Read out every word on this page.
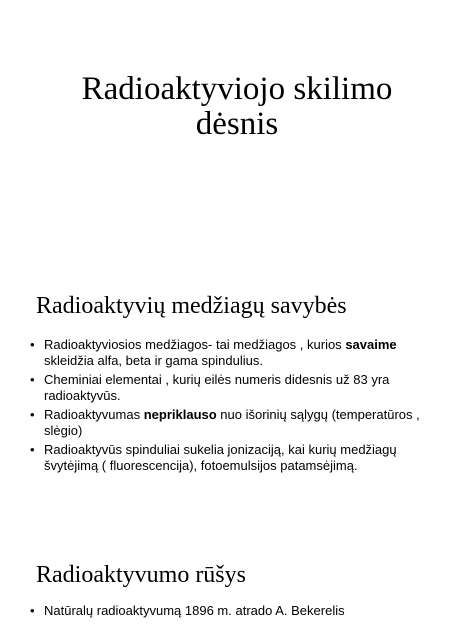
Radioaktyviojo skilimo
dėsnis
Radioaktyvių medžiagų savybės
•
Radioaktyviosios medžiagos- tai medžiagos , kurios savaime skleidžia alfa, beta ir gama spindulius.
•
Cheminiai elementai , kurių eilės numeris didesnis už 83 yra radioaktyvūs.
•
Radioaktyvumas nepriklauso nuo išorinių sąlygų (temperatūros , slėgio)
•
Radioaktyvūs spinduliai sukelia jonizaciją, kai kurių medžiagų švytėjimą ( fluorescencija), fotoemulsijos patamsėjimą.
Radioaktyvumo rūšys
•
Natūralų radioaktyvumą 1896 m. atrado A. Bekerelis
